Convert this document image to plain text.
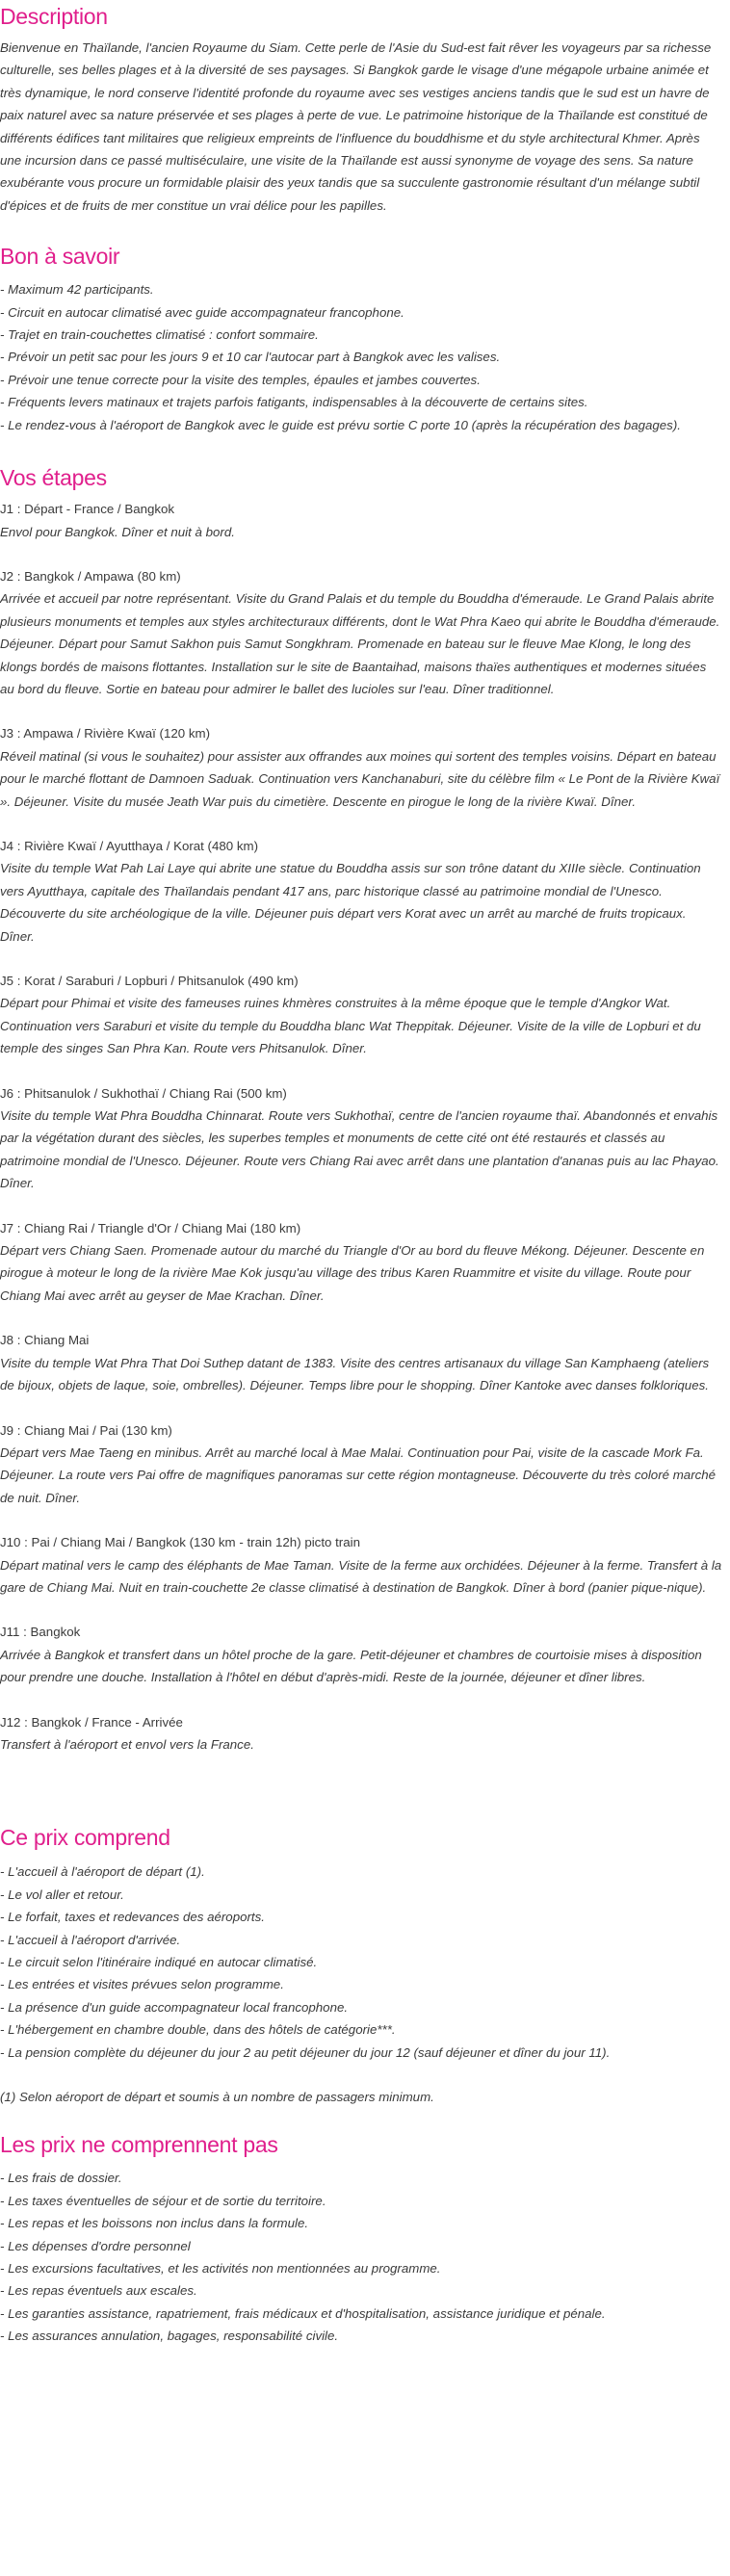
Description
Bienvenue en Thaïlande, l'ancien Royaume du Siam. Cette perle de l'Asie du Sud-est fait rêver les voyageurs par sa richesse culturelle, ses belles plages et à la diversité de ses paysages. Si Bangkok garde le visage d'une mégapole urbaine animée et très dynamique, le nord conserve l'identité profonde du royaume avec ses vestiges anciens tandis que le sud est un havre de paix naturel avec sa nature préservée et ses plages à perte de vue. Le patrimoine historique de la Thaïlande est constitué de différents édifices tant militaires que religieux empreints de l'influence du bouddhisme et du style architectural Khmer. Après une incursion dans ce passé multiséculaire, une visite de la Thaïlande est aussi synonyme de voyage des sens. Sa nature exubérante vous procure un formidable plaisir des yeux tandis que sa succulente gastronomie résultant d'un mélange subtil d'épices et de fruits de mer constitue un vrai délice pour les papilles.
Bon à savoir
- Maximum 42 participants.
- Circuit en autocar climatisé avec guide accompagnateur francophone.
- Trajet en train-couchettes climatisé : confort sommaire.
- Prévoir un petit sac pour les jours 9 et 10 car l'autocar part à Bangkok avec les valises.
- Prévoir une tenue correcte pour la visite des temples, épaules et jambes couvertes.
- Fréquents levers matinaux et trajets parfois fatigants, indispensables à la découverte de certains sites.
- Le rendez-vous à l'aéroport de Bangkok avec le guide est prévu sortie C porte 10 (après la récupération des bagages).
Vos étapes
J1 : Départ - France / Bangkok
Envol pour Bangkok. Dîner et nuit à bord.
J2 : Bangkok / Ampawa (80 km)
Arrivée et accueil par notre représentant. Visite du Grand Palais et du temple du Bouddha d'émeraude. Le Grand Palais abrite plusieurs monuments et temples aux styles architecturaux différents, dont le Wat Phra Kaeo qui abrite le Bouddha d'émeraude. Déjeuner. Départ pour Samut Sakhon puis Samut Songkhram. Promenade en bateau sur le fleuve Mae Klong, le long des klongs bordés de maisons flottantes. Installation sur le site de Baantaihad, maisons thaïes authentiques et modernes situées au bord du fleuve. Sortie en bateau pour admirer le ballet des lucioles sur l'eau. Dîner traditionnel.
J3 : Ampawa / Rivière Kwaï (120 km)
Réveil matinal (si vous le souhaitez) pour assister aux offrandes aux moines qui sortent des temples voisins. Départ en bateau pour le marché flottant de Damnoen Saduak. Continuation vers Kanchanaburi, site du célèbre film « Le Pont de la Rivière Kwaï ». Déjeuner. Visite du musée Jeath War puis du cimetière. Descente en pirogue le long de la rivière Kwaï. Dîner.
J4 : Rivière Kwaï / Ayutthaya / Korat (480 km)
Visite du temple Wat Pah Lai Laye qui abrite une statue du Bouddha assis sur son trône datant du XIIIe siècle. Continuation vers Ayutthaya, capitale des Thaïlandais pendant 417 ans, parc historique classé au patrimoine mondial de l'Unesco. Découverte du site archéologique de la ville. Déjeuner puis départ vers Korat avec un arrêt au marché de fruits tropicaux. Dîner.
J5 : Korat / Saraburi / Lopburi / Phitsanulok (490 km)
Départ pour Phimai et visite des fameuses ruines khmères construites à la même époque que le temple d'Angkor Wat. Continuation vers Saraburi et visite du temple du Bouddha blanc Wat Theppitak. Déjeuner. Visite de la ville de Lopburi et du temple des singes San Phra Kan. Route vers Phitsanulok. Dîner.
J6 : Phitsanulok / Sukhothaï / Chiang Rai (500 km)
Visite du temple Wat Phra Bouddha Chinnarat. Route vers Sukhothaï, centre de l'ancien royaume thaï. Abandonnés et envahis par la végétation durant des siècles, les superbes temples et monuments de cette cité ont été restaurés et classés au patrimoine mondial de l'Unesco. Déjeuner. Route vers Chiang Rai avec arrêt dans une plantation d'ananas puis au lac Phayao. Dîner.
J7 : Chiang Rai / Triangle d'Or / Chiang Mai (180 km)
Départ vers Chiang Saen. Promenade autour du marché du Triangle d'Or au bord du fleuve Mékong. Déjeuner. Descente en pirogue à moteur le long de la rivière Mae Kok jusqu'au village des tribus Karen Ruammitre et visite du village. Route pour Chiang Mai avec arrêt au geyser de Mae Krachan. Dîner.
J8 : Chiang Mai
Visite du temple Wat Phra That Doi Suthep datant de 1383. Visite des centres artisanaux du village San Kamphaeng (ateliers de bijoux, objets de laque, soie, ombrelles). Déjeuner. Temps libre pour le shopping. Dîner Kantoke avec danses folkloriques.
J9 : Chiang Mai / Pai (130 km)
Départ vers Mae Taeng en minibus. Arrêt au marché local à Mae Malai. Continuation pour Pai, visite de la cascade Mork Fa. Déjeuner. La route vers Pai offre de magnifiques panoramas sur cette région montagneuse. Découverte du très coloré marché de nuit. Dîner.
J10 : Pai / Chiang Mai / Bangkok (130 km - train 12h) picto train
Départ matinal vers le camp des éléphants de Mae Taman. Visite de la ferme aux orchidées. Déjeuner à la ferme. Transfert à la gare de Chiang Mai. Nuit en train-couchette 2e classe climatisé à destination de Bangkok. Dîner à bord (panier pique-nique).
J11 : Bangkok
Arrivée à Bangkok et transfert dans un hôtel proche de la gare. Petit-déjeuner et chambres de courtoisie mises à disposition pour prendre une douche. Installation à l'hôtel en début d'après-midi. Reste de la journée, déjeuner et dîner libres.
J12 : Bangkok / France - Arrivée
Transfert à l'aéroport et envol vers la France.
Ce prix comprend
- L'accueil à l'aéroport de départ (1).
- Le vol aller et retour.
- Le forfait, taxes et redevances des aéroports.
- L'accueil à l'aéroport d'arrivée.
- Le circuit selon l'itinéraire indiqué en autocar climatisé.
- Les entrées et visites prévues selon programme.
- La présence d'un guide accompagnateur local francophone.
- L'hébergement en chambre double, dans des hôtels de catégorie***.
- La pension complète du déjeuner du jour 2 au petit déjeuner du jour 12 (sauf déjeuner et dîner du jour 11).
(1) Selon aéroport de départ et soumis à un nombre de passagers minimum.
Les prix ne comprennent pas
- Les frais de dossier.
- Les taxes éventuelles de séjour et de sortie du territoire.
- Les repas et les boissons non inclus dans la formule.
- Les dépenses d'ordre personnel
- Les excursions facultatives, et les activités non mentionnées au programme.
- Les repas éventuels aux escales.
- Les garanties assistance, rapatriement, frais médicaux et d'hospitalisation, assistance juridique et pénale.
- Les assurances annulation, bagages, responsabilité civile.
